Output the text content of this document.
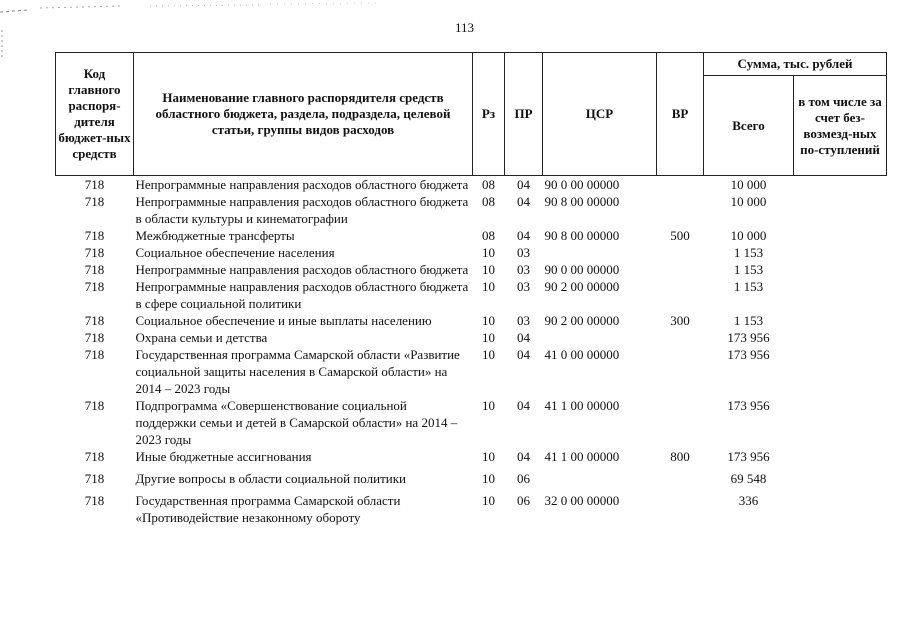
113
Код главного распоря-дителя бюджет-ных средств	Наименование главного распорядителя средств областного бюджета, раздела, подраздела, целевой статьи, группы видов расходов	Рз	ПР	ЦСР	ВР	Сумма, тыс. рублей	
						Всего	в том числе за счет без-возмезд-ных по-ступлений
718	Непрограммные направления расходов областного бюджета	08	04	90 0 00 00000		10 000	
718	Непрограммные направления расходов областного бюджета в области культуры и кинематографии	08	04	90 8 00 00000		10 000	
718	Межбюджетные трансферты	08	04	90 8 00 00000	500	10 000	
718	Социальное обеспечение населения	10	03			1 153	
718	Непрограммные направления расходов областного бюджета	10	03	90 0 00 00000		1 153	
718	Непрограммные направления расходов областного бюджета в сфере социальной политики	10	03	90 2 00 00000		1 153	
718	Социальное обеспечение и иные выплаты населению	10	03	90 2 00 00000	300	1 153	
718	Охрана семьи и детства	10	04			173 956	
718	Государственная программа Самарской области «Развитие социальной защиты населения в Самарской области» на 2014 – 2023 годы	10	04	41 0 00 00000		173 956	
718	Подпрограмма «Совершенствование социальной поддержки семьи и детей в Самарской области» на 2014 – 2023 годы	10	04	41 1 00 00000		173 956	
718	Иные бюджетные ассигнования	10	04	41 1 00 00000	800	173 956	
718	Другие вопросы в области социальной политики	10	06			69 548	
718	Государственная программа Самарской области «Противодействие незаконному обороту	10	06	32 0 00 00000		336	
